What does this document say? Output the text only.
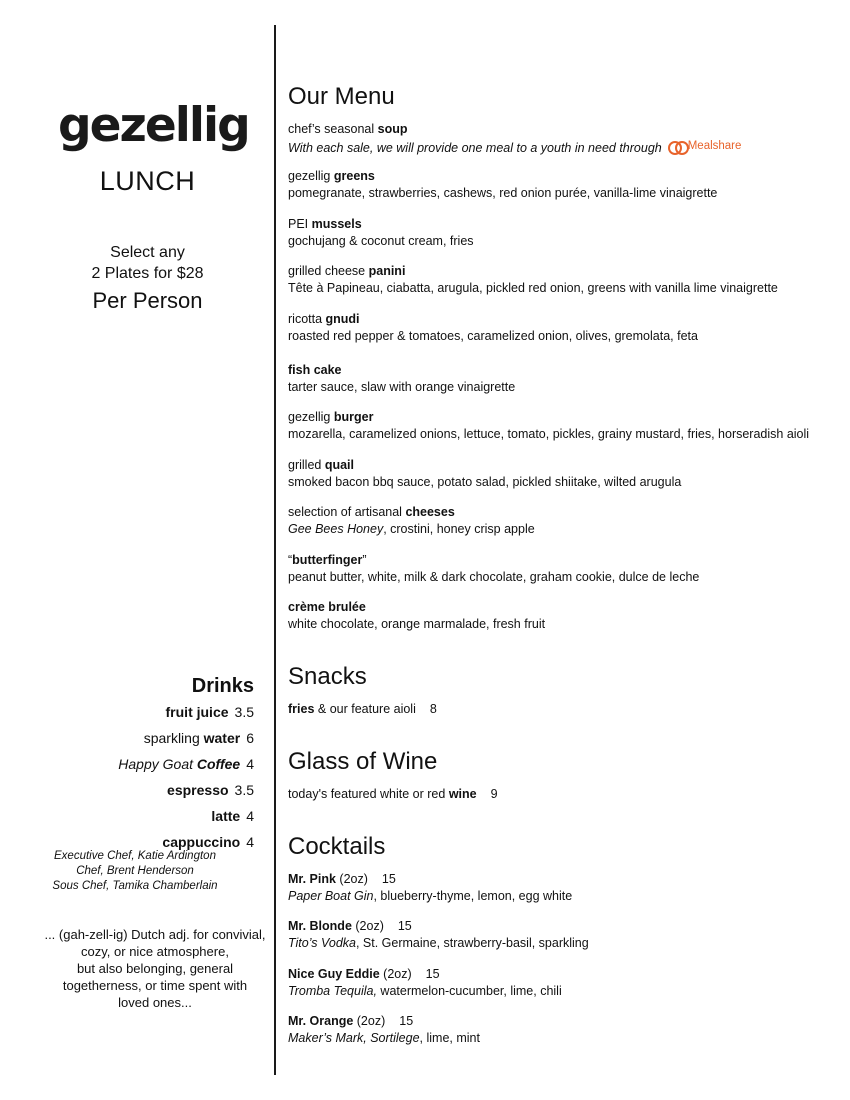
gezellig
LUNCH
Select any
2 Plates for $28
Per Person
Drinks
fruit juice 3.5
sparkling water 6
Happy Goat Coffee 4
espresso 3.5
latte 4
cappuccino 4
Executive Chef, Katie Ardington
Chef, Brent Henderson
Sous Chef, Tamika Chamberlain
... (gah-zell-ig) Dutch adj. for convivial,
cozy, or nice atmosphere,
but also belonging, general
togetherness, or time spent with
loved ones...
Our Menu
chef’s seasonal soup
With each sale, we will provide one meal to a youth in need through Mealshare
gezellig greens
pomegranate, strawberries, cashews, red onion purée, vanilla-lime vinaigrette
PEI mussels
gochujang & coconut cream, fries
grilled cheese panini
Tête à Papineau, ciabatta, arugula, pickled red onion, greens with vanilla lime vinaigrette
ricotta gnudi
roasted red pepper & tomatoes, caramelized onion, olives, gremolata, feta
fish cake
tarter sauce, slaw with orange vinaigrette
gezellig burger
mozarella, caramelized onions, lettuce, tomato, pickles, grainy mustard, fries, horseradish aioli
grilled quail
smoked bacon bbq sauce, potato salad, pickled shiitake, wilted arugula
selection of artisanal cheeses
Gee Bees Honey, crostini, honey crisp apple
“butterfinger”
peanut butter, white, milk & dark chocolate, graham cookie, dulce de leche
crème brulée
white chocolate, orange marmalade, fresh fruit
Snacks
fries & our feature aioli 8
Glass of Wine
today's featured white or red wine 9
Cocktails
Mr. Pink (2oz) 15
Paper Boat Gin, blueberry-thyme, lemon, egg white
Mr. Blonde (2oz) 15
Tito’s Vodka, St. Germaine, strawberry-basil, sparkling
Nice Guy Eddie (2oz) 15
Tromba Tequila, watermelon-cucumber, lime, chili
Mr. Orange (2oz) 15
Maker’s Mark, Sortilege, lime, mint
